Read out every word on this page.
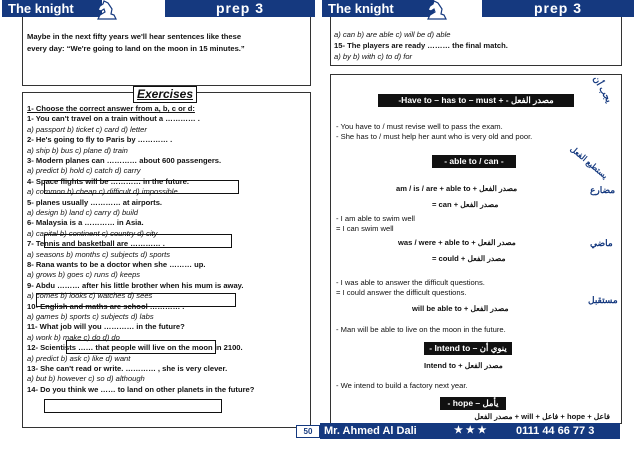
The knight	prep 3	The knight	prep 3
Maybe in the next fifty years we'll hear sentences like these
every day: “We're going to land on the moon in 15 minutes.”
Exercises
1- Choose the correct answer from a, b, c or d:
1- You can't travel on a train without a ………… .
a) passport b) ticket c) card d) letter
2- He's going to fly to Paris by ………… .
a) ship b) bus c) plane d) train
3- Modern planes can ………… about 600 passengers.
a) predict b) hold c) catch d) carry
4- Space flights will be ………… in the future.
a) common b) cheap c) difficult d) impossible
5- planes usually ………… at airports.
a) design b) land c) carry d) build
6- Malaysia is a ………… in Asia.
a) capital b) continent c) country d) city
7- Tennis and basketball are ………… .
a) seasons b) months c) subjects d) sports
8- Rana wants to be a doctor when she ……… up.
a) grows b) goes c) runs d) keeps
9- Abdu ……… after his little brother when his mum is away.
a) comes b) looks c) watches d) sees
10- English and maths are school ………… .
a) games b) sports c) subjects d) labs
11- What job will you ………… in the future?
a) work b) make c) do d) do
12- Scientists …… that people will live on the moon in 2100.
a) predict b) ask c) like d) want
13- She can't read or write. ………… , she is very clever.
a) but b) however c) so d) although
14- Do you think we …… to land on other planets in the future?
a) can b) are able c) will be d) able
15- The players are ready ……… the final match.
a) by b) with c) to d) for
-Have to – has to – must + - مصدر الفعل	يجب أن
- You have to / must revise well to pass the exam.
- She has to / must help her aunt who is very old and poor.
- able to / can -	يستطيع الفعل
مضارع
am / is / are + able to + مصدر الفعل
= can + مصدر الفعل
- I am able to swim well
= I can swim well
ماضي
was / were + able to + مصدر الفعل
= could + مصدر الفعل
- I was able to answer the difficult questions.
= I could answer the difficult questions.
مستقبل
will be able to + مصدر الفعل
- Man will be able to live on the moon in the future.
- Intend to – ينوي أن
Intend to + مصدر الفعل
- We intend to build a factory next year.
- hope – يأمل
فاعل + hope + فاعل + will + مصدر الفعل
50	Mr. Ahmed Al Dali	★ ★ ★	0111 44 66 77 3
